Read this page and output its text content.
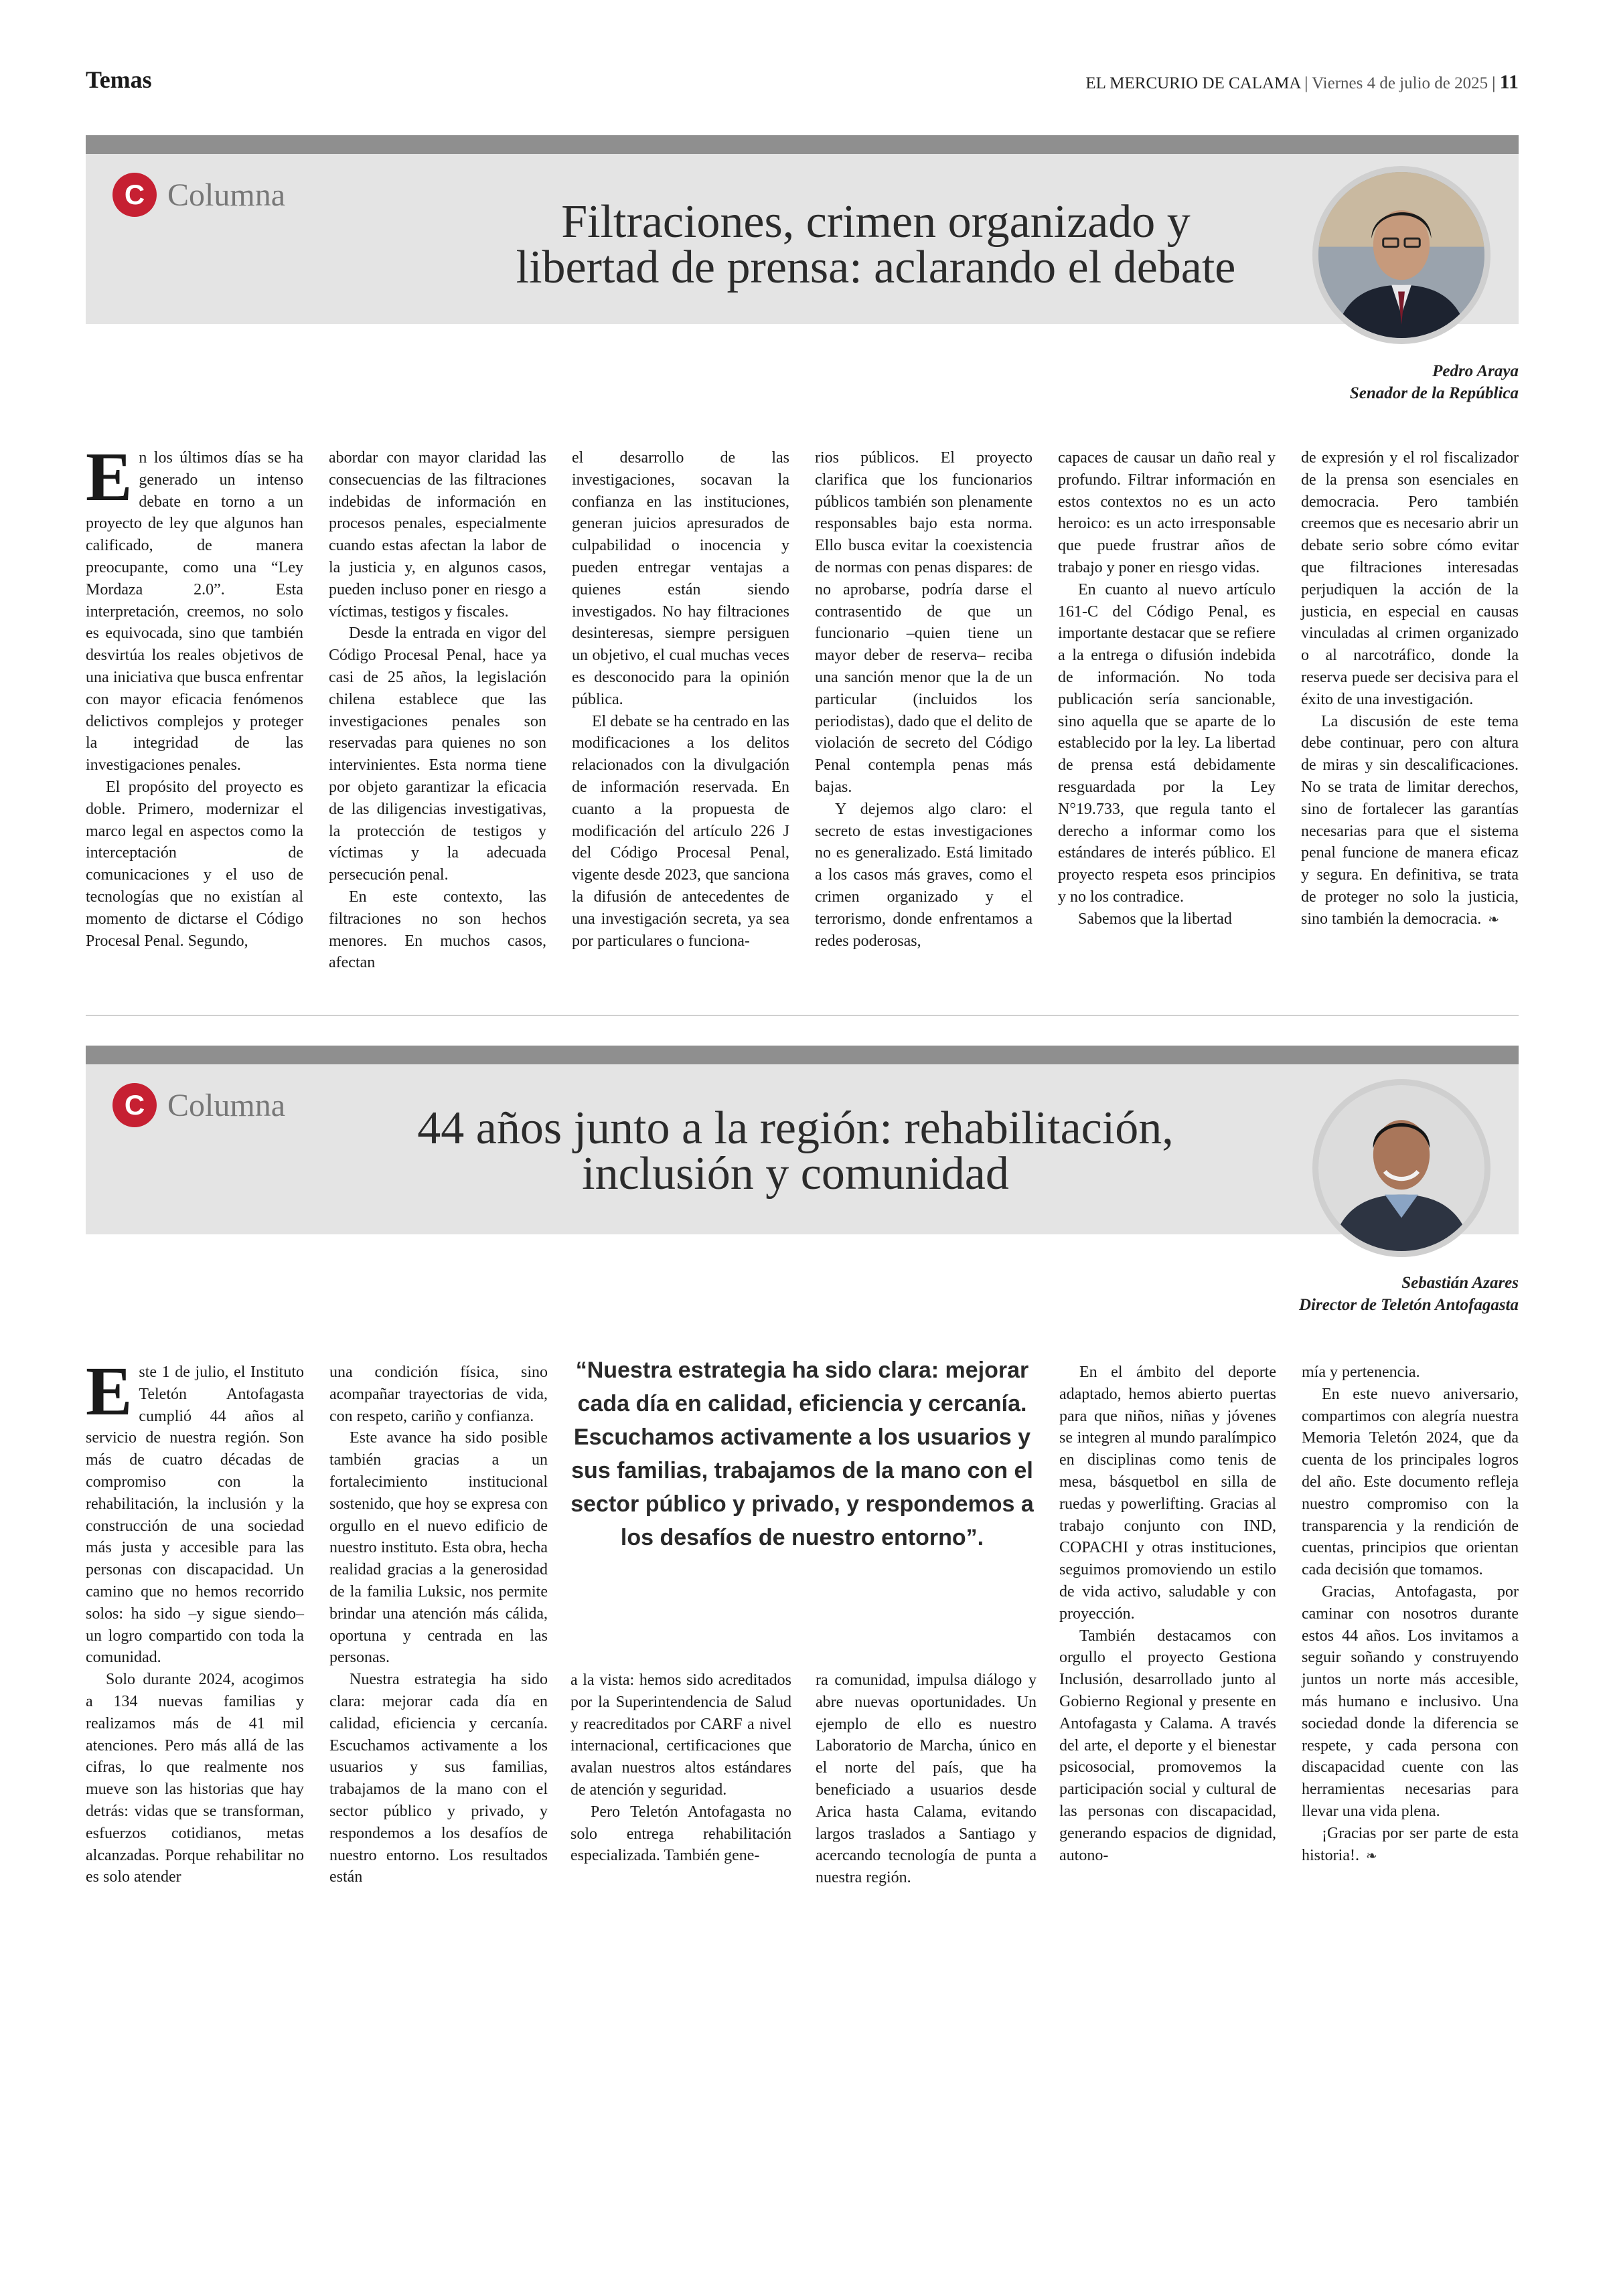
Temas	EL MERCURIO DE CALAMA | Viernes 4 de julio de 2025 | 11
C Columna
Filtraciones, crimen organizado y
libertad de prensa: aclarando el debate
Pedro Araya
Senador de la República

En los últimos días se ha generado un intenso debate en torno a un proyecto de ley que algunos han calificado, de manera preocupante, como una “Ley Mordaza 2.0”. Esta interpretación, creemos, no solo es equivocada, sino que también desvirtúa los reales objetivos de una iniciativa que busca enfrentar con mayor eficacia fenómenos delictivos complejos y proteger la integridad de las investigaciones penales.

El propósito del proyecto es doble. Primero, modernizar el marco legal en aspectos como la interceptación de comunicaciones y el uso de tecnologías que no existían al momento de dictarse el Código Procesal Penal. Segundo,

abordar con mayor claridad las consecuencias de las filtraciones indebidas de información en procesos penales, especialmente cuando estas afectan la labor de la justicia y, en algunos casos, pueden incluso poner en riesgo a víctimas, testigos y fiscales.

Desde la entrada en vigor del Código Procesal Penal, hace ya casi de 25 años, la legislación chilena establece que las investigaciones penales son reservadas para quienes no son intervinientes. Esta norma tiene por objeto garantizar la eficacia de las diligencias investigativas, la protección de testigos y víctimas y la adecuada persecución penal.

En este contexto, las filtraciones no son hechos menores. En muchos casos, afectan

el desarrollo de las investigaciones, socavan la confianza en las instituciones, generan juicios apresurados de culpabilidad o inocencia y pueden entregar ventajas a quienes están siendo investigados. No hay filtraciones desinteresas, siempre persiguen un objetivo, el cual muchas veces es desconocido para la opinión pública.

El debate se ha centrado en las modificaciones a los delitos relacionados con la divulgación de información reservada. En cuanto a la propuesta de modificación del artículo 226 J del Código Procesal Penal, vigente desde 2023, que sanciona la difusión de antecedentes de una investigación secreta, ya sea por particulares o funciona-

rios públicos. El proyecto clarifica que los funcionarios públicos también son plenamente responsables bajo esta norma. Ello busca evitar la coexistencia de normas con penas dispares: de no aprobarse, podría darse el contrasentido de que un funcionario –quien tiene un mayor deber de reserva– reciba una sanción menor que la de un particular (incluidos los periodistas), dado que el delito de violación de secreto del Código Penal contempla penas más bajas.

Y dejemos algo claro: el secreto de estas investigaciones no es generalizado. Está limitado a los casos más graves, como el crimen organizado y el terrorismo, donde enfrentamos a redes poderosas,

capaces de causar un daño real y profundo. Filtrar información en estos contextos no es un acto heroico: es un acto irresponsable que puede frustrar años de trabajo y poner en riesgo vidas.

En cuanto al nuevo artículo 161-C del Código Penal, es importante destacar que se refiere a la entrega o difusión indebida de información. No toda publicación sería sancionable, sino aquella que se aparte de lo establecido por la ley. La libertad de prensa está debidamente resguardada por la Ley N°19.733, que regula tanto el derecho a informar como los estándares de interés público. El proyecto respeta esos principios y no los contradice.

Sabemos que la libertad

de expresión y el rol fiscalizador de la prensa son esenciales en democracia. Pero también creemos que es necesario abrir un debate serio sobre cómo evitar que filtraciones interesadas perjudiquen la acción de la justicia, en especial en causas vinculadas al crimen organizado o al narcotráfico, donde la reserva puede ser decisiva para el éxito de una investigación.

La discusión de este tema debe continuar, pero con altura de miras y sin descalificaciones. No se trata de limitar derechos, sino de fortalecer las garantías necesarias para que el sistema penal funcione de manera eficaz y segura. En definitiva, se trata de proteger no solo la justicia, sino también la democracia. ❧

C Columna	44 años junto a la región: rehabilitación,
inclusión y comunidad
Sebastián Azares
Director de Teletón Antofagasta

Este 1 de julio, el Instituto Teletón Antofagasta cumplió 44 años al servicio de nuestra región. Son más de cuatro décadas de compromiso con la rehabilitación, la inclusión y la construcción de una sociedad más justa y accesible para las personas con discapacidad. Un camino que no hemos recorrido solos: ha sido –y sigue siendo– un logro compartido con toda la comunidad.

Solo durante 2024, acogimos a 134 nuevas familias y realizamos más de 41 mil atenciones. Pero más allá de las cifras, lo que realmente nos mueve son las historias que hay detrás: vidas que se transforman, esfuerzos cotidianos, metas alcanzadas. Porque rehabilitar no es solo atender

una condición física, sino acompañar trayectorias de vida, con respeto, cariño y confianza.

Este avance ha sido posible también gracias a un fortalecimiento institucional sostenido, que hoy se expresa con orgullo en el nuevo edificio de nuestro instituto. Esta obra, hecha realidad gracias a la generosidad de la familia Luksic, nos permite brindar una atención más cálida, oportuna y centrada en las personas.

Nuestra estrategia ha sido clara: mejorar cada día en calidad, eficiencia y cercanía. Escuchamos activamente a los usuarios y sus familias, trabajamos de la mano con el sector público y privado, y respondemos a los desafíos de nuestro entorno. Los resultados están

“Nuestra estrategia ha sido clara: mejorar cada día en calidad, eficiencia y cercanía. Escuchamos activamente a los usuarios y sus familias, trabajamos de la mano con el sector público y privado, y respondemos a los desafíos de nuestro entorno”.

a la vista: hemos sido acreditados por la Superintendencia de Salud y reacreditados por CARF a nivel internacional, certificaciones que avalan nuestros altos estándares de atención y seguridad.

Pero Teletón Antofagasta no solo entrega rehabilitación especializada. También gene-

ra comunidad, impulsa diálogo y abre nuevas oportunidades. Un ejemplo de ello es nuestro Laboratorio de Marcha, único en el norte del país, que ha beneficiado a usuarios desde Arica hasta Calama, evitando largos traslados a Santiago y acercando tecnología de punta a nuestra región.

En el ámbito del deporte adaptado, hemos abierto puertas para que niños, niñas y jóvenes se integren al mundo paralímpico en disciplinas como tenis de mesa, básquetbol en silla de ruedas y powerlifting. Gracias al trabajo conjunto con IND, COPACHI y otras instituciones, seguimos promoviendo un estilo de vida activo, saludable y con proyección.

También destacamos con orgullo el proyecto Gestiona Inclusión, desarrollado junto al Gobierno Regional y presente en Antofagasta y Calama. A través del arte, el deporte y el bienestar psicosocial, promovemos la participación social y cultural de las personas con discapacidad, generando espacios de dignidad, autono-

mía y pertenencia.

En este nuevo aniversario, compartimos con alegría nuestra Memoria Teletón 2024, que da cuenta de los principales logros del año. Este documento refleja nuestro compromiso con la transparencia y la rendición de cuentas, principios que orientan cada decisión que tomamos.

Gracias, Antofagasta, por caminar con nosotros durante estos 44 años. Los invitamos a seguir soñando y construyendo juntos un norte más accesible, más humano e inclusivo. Una sociedad donde la diferencia se respete, y cada persona con discapacidad cuente con las herramientas necesarias para llevar una vida plena.

¡Gracias por ser parte de esta historia!. ❧
